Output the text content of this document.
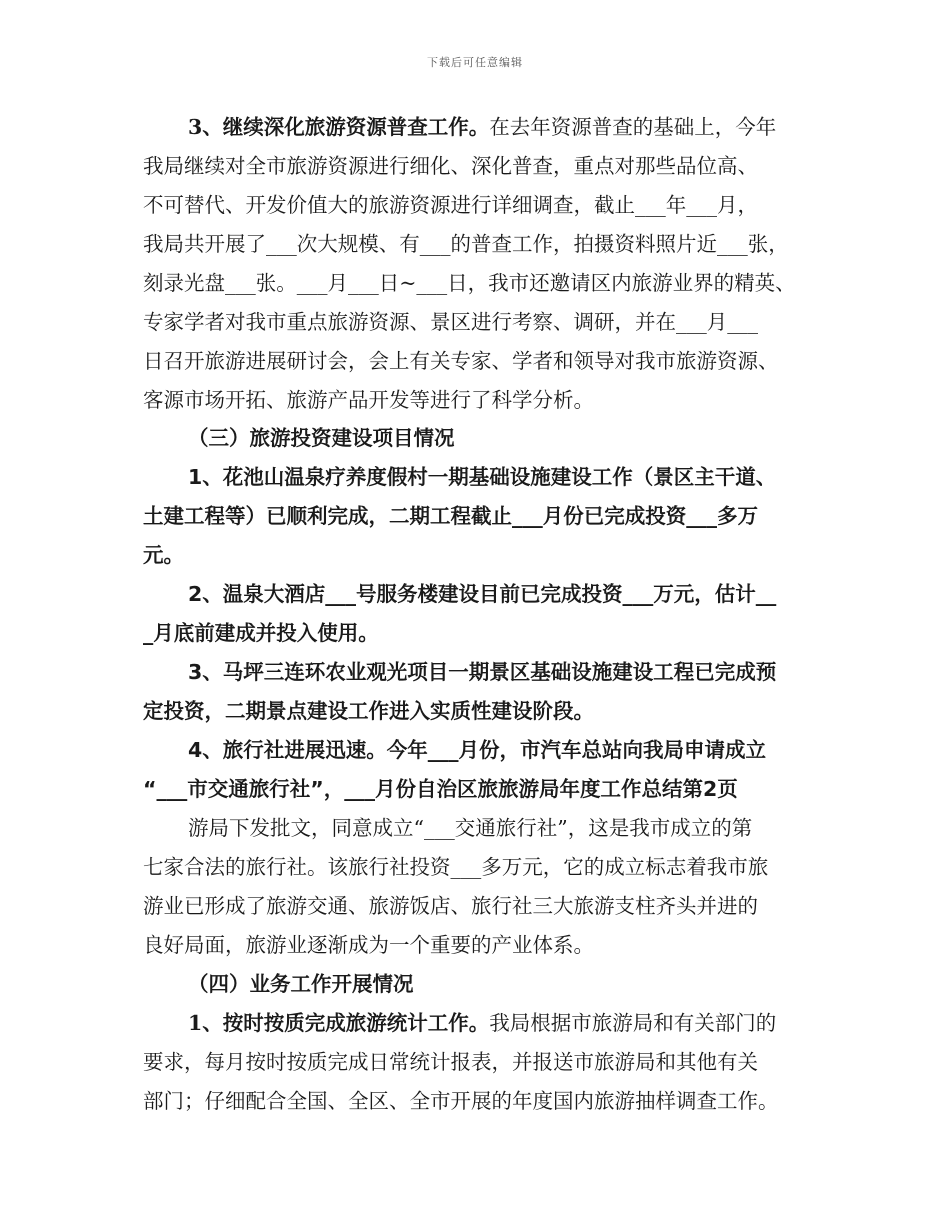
下载后可任意编辑
3、继续深化旅游资源普查工作。在去年资源普查的基础上，今年
我局继续对全市旅游资源进行细化、深化普查，重点对那些品位高、
不可替代、开发价值大的旅游资源进行详细调查，截止___年___月，
我局共开展了___次大规模、有___的普查工作，拍摄资料照片近___张，
刻录光盘___张。___月___日~___日，我市还邀请区内旅游业界的精英、
专家学者对我市重点旅游资源、景区进行考察、调研，并在___月___
日召开旅游进展研讨会，会上有关专家、学者和领导对我市旅游资源、
客源市场开拓、旅游产品开发等进行了科学分析。
（三）旅游投资建设项目情况
1、花池山温泉疗养度假村一期基础设施建设工作（景区主干道、
土建工程等）已顺利完成，二期工程截止___月份已完成投资___多万
元。
2、温泉大酒店___号服务楼建设目前已完成投资___万元，估计__
_月底前建成并投入使用。
3、马坪三连环农业观光项目一期景区基础设施建设工程已完成预
定投资，二期景点建设工作进入实质性建设阶段。
4、旅行社进展迅速。今年___月份，市汽车总站向我局申请成立
“___市交通旅行社”，___月份自治区旅旅游局年度工作总结第2页
游局下发批文，同意成立“___交通旅行社”，这是我市成立的第
七家合法的旅行社。该旅行社投资___多万元，它的成立标志着我市旅
游业已形成了旅游交通、旅游饭店、旅行社三大旅游支柱齐头并进的
良好局面，旅游业逐渐成为一个重要的产业体系。
（四）业务工作开展情况
1、按时按质完成旅游统计工作。我局根据市旅游局和有关部门的
要求，每月按时按质完成日常统计报表，并报送市旅游局和其他有关
部门；仔细配合全国、全区、全市开展的年度国内旅游抽样调查工作。
